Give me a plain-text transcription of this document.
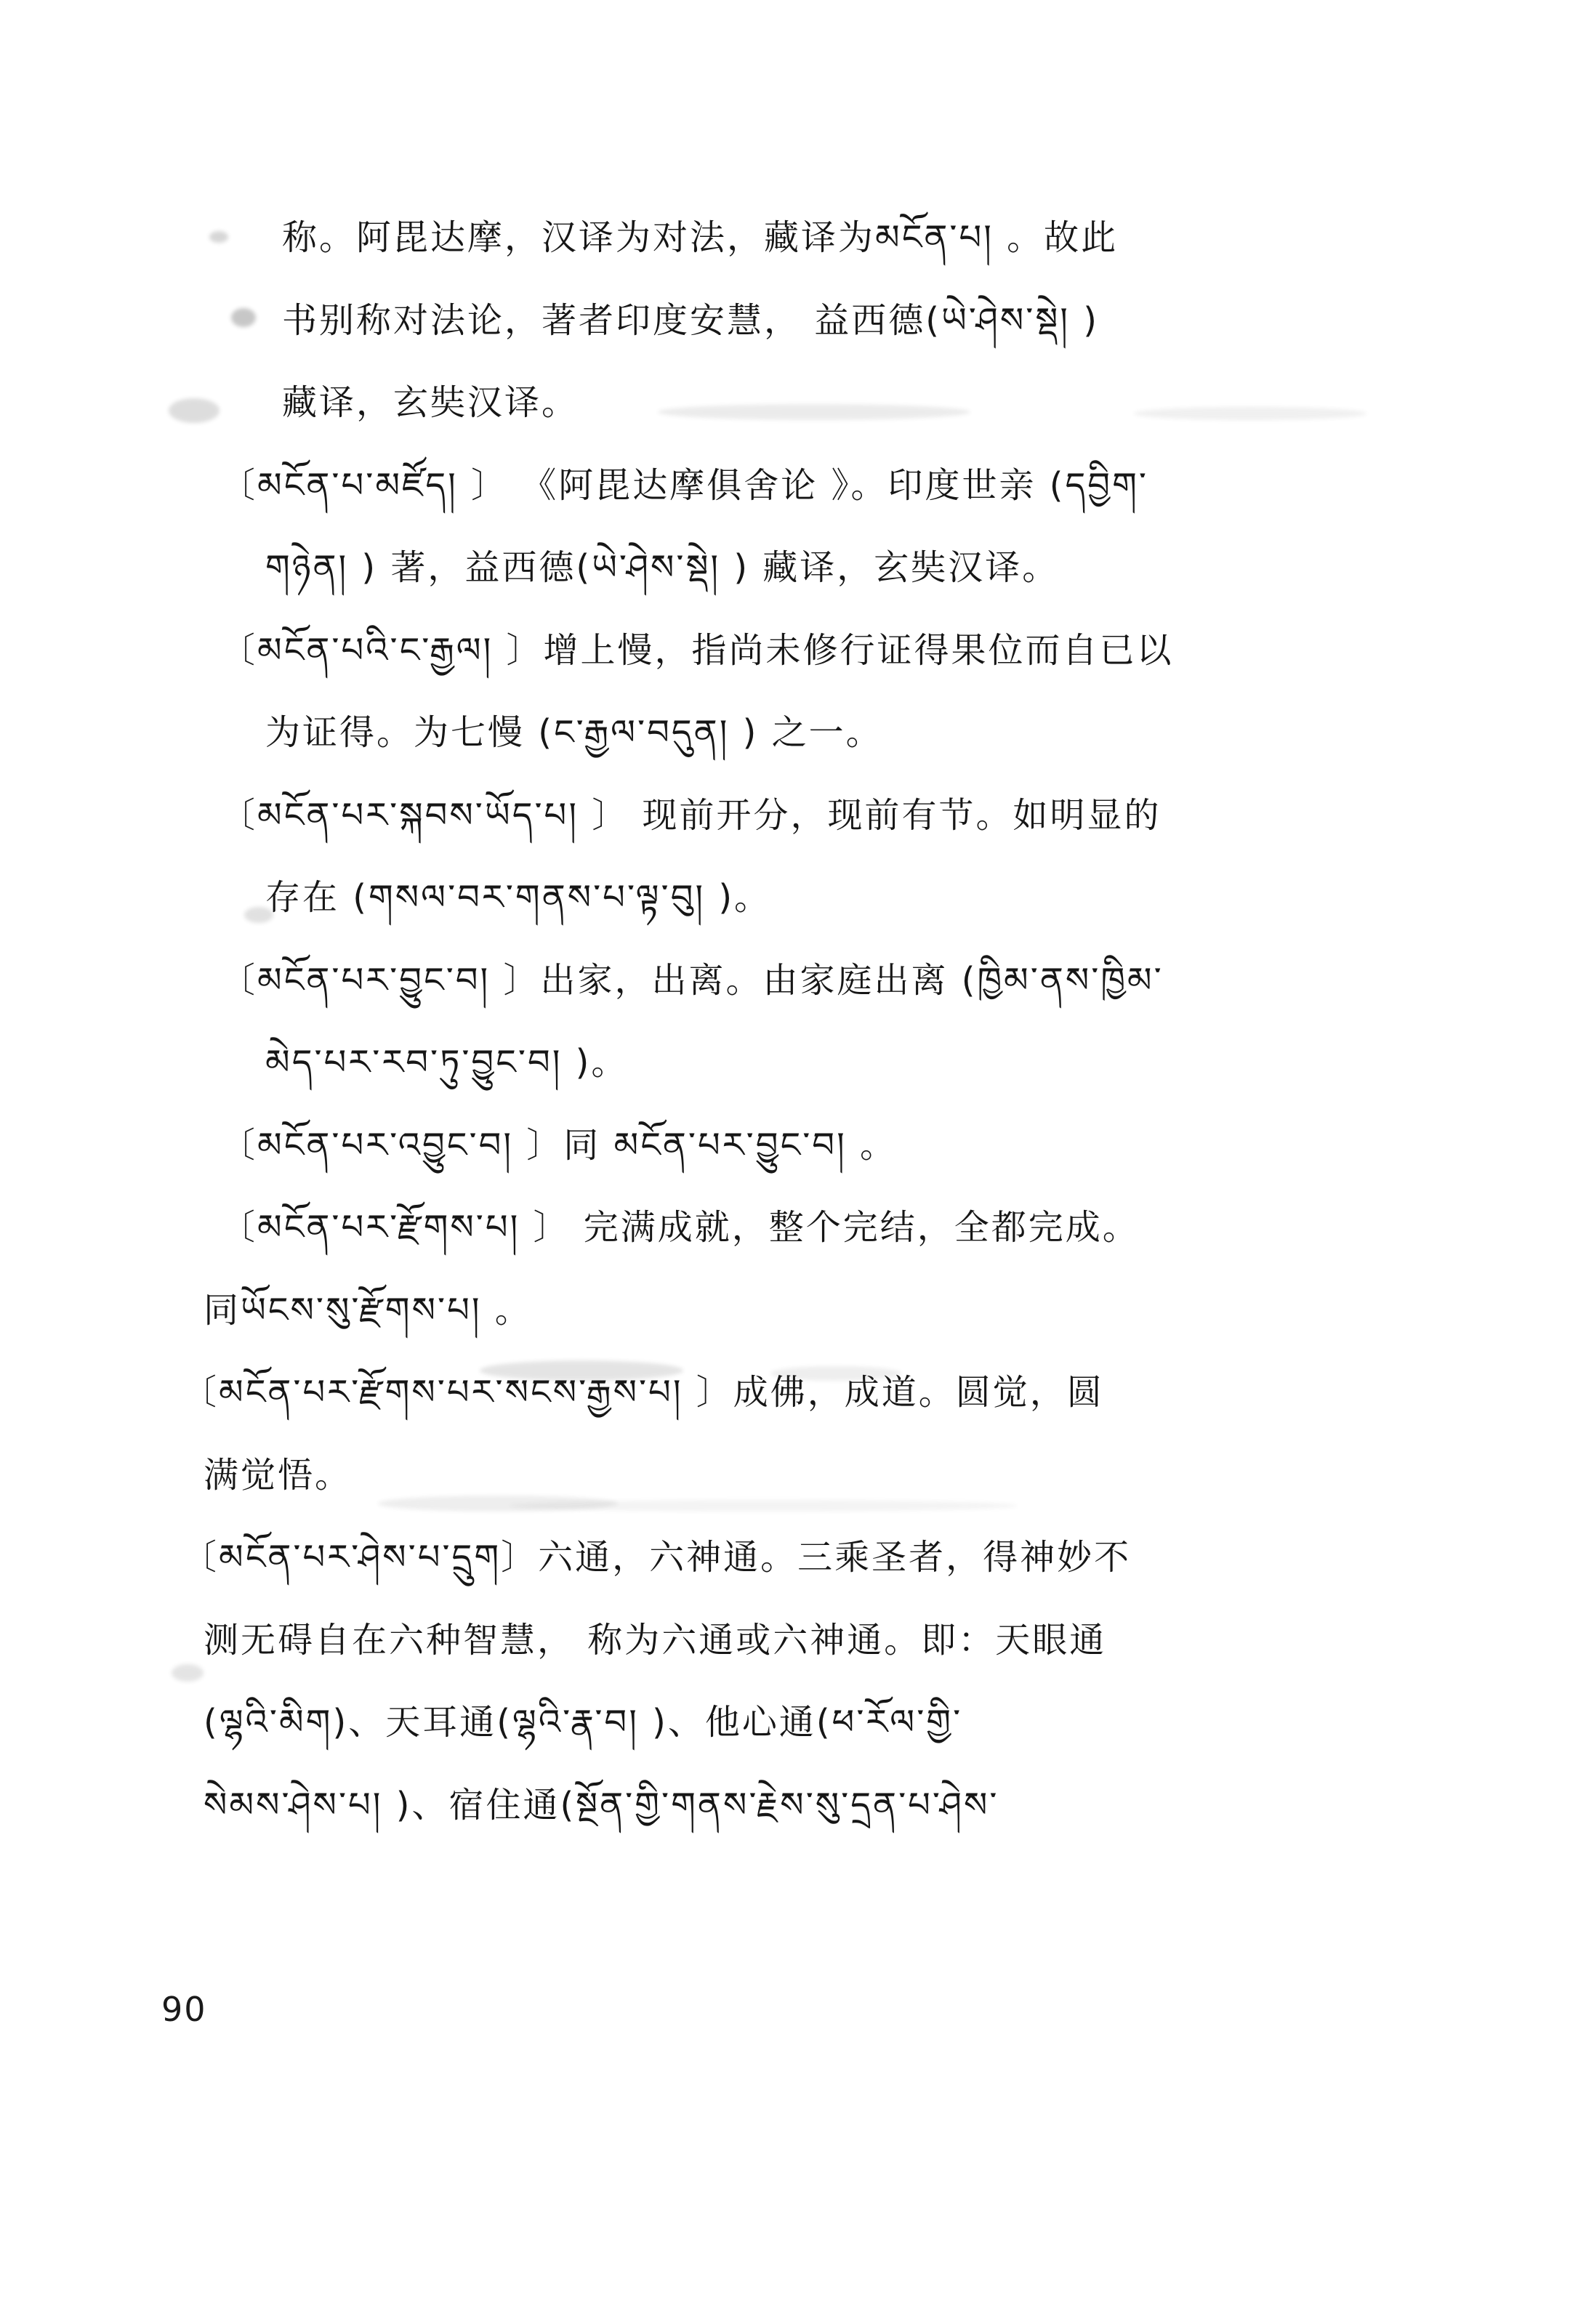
称。阿毘达摩，汉译为对法，藏译为མངོན་པ། 。故此
书别称对法论，著者印度安慧， 益西德(ཡེ་ཤེས་སྡེ། )
藏译，玄奘汉译。
〔མངོན་པ་མཛོད། 〕 《阿毘达摩俱舍论 》。印度世亲 (དབྱིག་
གཉེན། ) 著，益西德(ཡེ་ཤེས་སྡེ། ) 藏译，玄奘汉译。
〔མངོན་པའི་ང་རྒྱལ། 〕增上慢，指尚未修行证得果位而自已以
为证得。为七慢 (ང་རྒྱལ་བདུན། ) 之一。
〔མངོན་པར་སྐབས་ཡོད་པ། 〕 现前开分，现前有节。如明显的
存在 (གསལ་བར་གནས་པ་ལྟ་བུ། )。
〔མངོན་པར་བྱུང་བ། 〕出家，出离。由家庭出离 (ཁྱིམ་ནས་ཁྱིམ་
མེད་པར་རབ་ཏུ་བྱུང་བ། )。
〔མངོན་པར་འབྱུང་བ། 〕同 མངོན་པར་བྱུང་བ། 。
〔མངོན་པར་རྫོགས་པ། 〕 完满成就，整个完结，全都完成。
同ཡོངས་སུ་རྫོགས་པ། 。
〔མངོན་པར་རྫོགས་པར་སངས་རྒྱས་པ། 〕成佛，成道。圆觉，圆
满觉悟。
〔མངོན་པར་ཤེས་པ་དྲུག〕六通，六神通。三乘圣者，得神妙不
测无碍自在六种智慧， 称为六通或六神通。即：天眼通
(ལྷའི་མིག)、天耳通(ལྷའི་རྣ་བ། )、他心通(ཕ་རོལ་གྱི་
སེམས་ཤེས་པ། )、宿住通(སྔོན་གྱི་གནས་རྗེས་སུ་དྲན་པ་ཤེས་
90
